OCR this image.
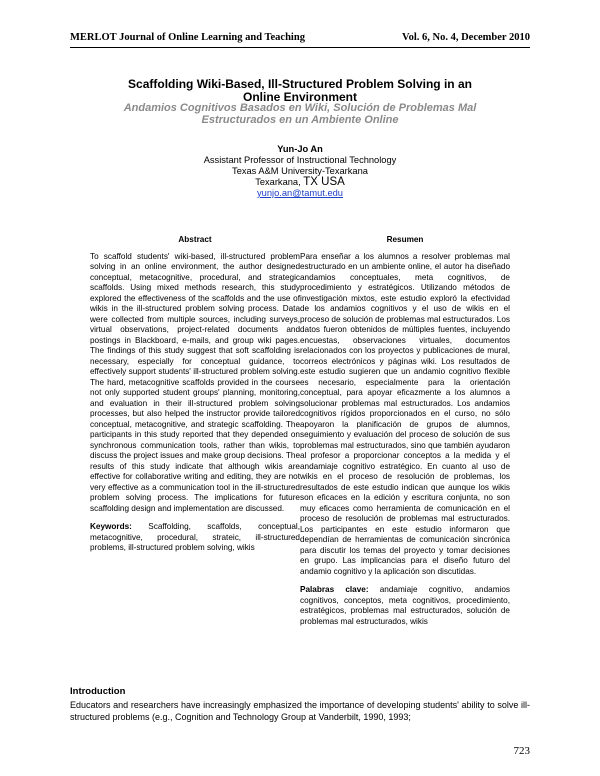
MERLOT Journal of Online Learning and Teaching	Vol. 6, No. 4, December 2010
Scaffolding Wiki-Based, Ill-Structured Problem Solving in an
Online Environment
Andamios Cognitivos Basados en Wiki, Solución de Problemas Mal
Estructurados en un Ambiente Online
Yun-Jo An
Assistant Professor of Instructional Technology
Texas A&M University-Texarkana
Texarkana, TX USA
yunjo.an@tamut.edu
Abstract

To scaffold students' wiki-based, ill-structured problem solving in an online environment, the author designed conceptual, metacognitive, procedural, and strategic scaffolds. Using mixed methods research, this study explored the effectiveness of the scaffolds and the use of wikis in the ill-structured problem solving process. Data were collected from multiple sources, including surveys, virtual observations, project-related documents and postings in Blackboard, e-mails, and group wiki pages. The findings of this study suggest that soft scaffolding is necessary, especially for conceptual guidance, to effectively support students' ill-structured problem solving. The hard, metacognitive scaffolds provided in the course not only supported student groups' planning, monitoring, and evaluation in their ill-structured problem solving processes, but also helped the instructor provide tailored conceptual, metacognitive, and strategic scaffolding. The participants in this study reported that they depended on synchronous communication tools, rather than wikis, to discuss the project issues and make group decisions. The results of this study indicate that although wikis are effective for collaborative writing and editing, they are not very effective as a communication tool in the ill-structured problem solving process. The implications for future scaffolding design and implementation are discussed.

Keywords: Scaffolding, scaffolds, conceptual, metacognitive, procedural, strateic, ill-structured problems, ill-structured problem solving, wikis
Resumen

Para enseñar a los alumnos a resolver problemas mal estructurado en un ambiente online, el autor ha diseñado andamios conceptuales, meta cognitivos, de procedimiento y estratégicos. Utilizando métodos de investigación mixtos, este estudio exploró la efectividad de los andamios cognitivos y el uso de wikis en el proceso de solución de problemas mal estructurados. Los datos fueron obtenidos de múltiples fuentes, incluyendo encuestas, observaciones virtuales, documentos relacionados con los proyectos y publicaciones de mural, correos electrónicos y páginas wiki. Los resultados de este estudio sugieren que un andamio cognitivo flexible es necesario, especialmente para la orientación conceptual, para apoyar eficazmente a los alumnos a solucionar problemas mal estructurados. Los andamios cognitivos rígidos proporcionados en el curso, no sólo apoyaron la planificación de grupos de alumnos, seguimiento y evaluación del proceso de solución de sus problemas mal estructurados, sino que también ayudaron al profesor a proporcionar conceptos a la medida y el andamiaje cognitivo estratégico. En cuanto al uso de wikis en el proceso de resolución de problemas, los resultados de este estudio indican que aunque los wikis son eficaces en la edición y escritura conjunta, no son muy eficaces como herramienta de comunicación en el proceso de resolución de problemas mal estructurados. Los participantes en este estudio informaron que dependían de herramientas de comunicación sincrónica para discutir los temas del proyecto y tomar decisiones en grupo. Las implicancias para el diseño futuro del andamio cognitivo y la aplicación son discutidas.

Palabras clave: andamiaje cognitivo, andamios cognitivos, conceptos, meta cognitivos, procedimiento, estratégicos, problemas mal estructurados, solución de problemas mal estructurados, wikis
Introduction
Educators and researchers have increasingly emphasized the importance of developing students' ability to solve ill-structured problems (e.g., Cognition and Technology Group at Vanderbilt, 1990, 1993;
723
